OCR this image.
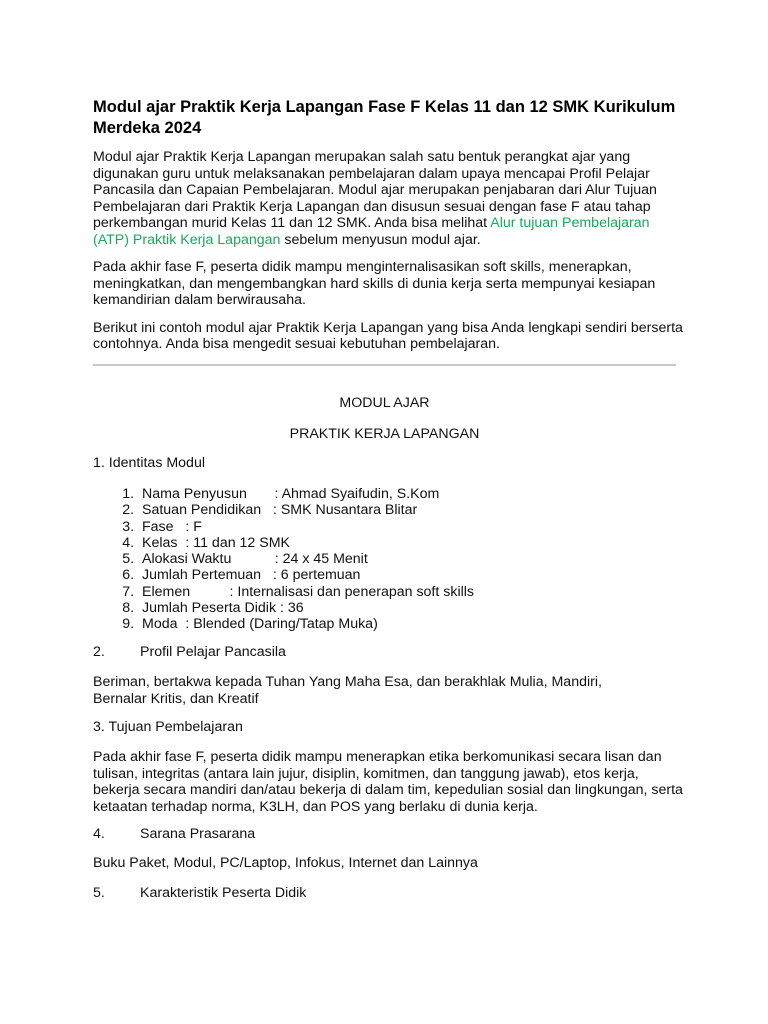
Modul ajar Praktik Kerja Lapangan Fase F Kelas 11 dan 12 SMK Kurikulum Merdeka 2024

Modul ajar Praktik Kerja Lapangan merupakan salah satu bentuk perangkat ajar yang digunakan guru untuk melaksanakan pembelajaran dalam upaya mencapai Profil Pelajar Pancasila dan Capaian Pembelajaran. Modul ajar merupakan penjabaran dari Alur Tujuan Pembelajaran dari Praktik Kerja Lapangan dan disusun sesuai dengan fase F atau tahap perkembangan murid Kelas 11 dan 12 SMK. Anda bisa melihat Alur tujuan Pembelajaran (ATP) Praktik Kerja Lapangan sebelum menyusun modul ajar.

Pada akhir fase F, peserta didik mampu menginternalisasikan soft skills, menerapkan, meningkatkan, dan mengembangkan hard skills di dunia kerja serta mempunyai kesiapan kemandirian dalam berwirausaha.

Berikut ini contoh modul ajar Praktik Kerja Lapangan yang bisa Anda lengkapi sendiri berserta contohnya. Anda bisa mengedit sesuai kebutuhan pembelajaran.

MODUL AJAR

PRAKTIK KERJA LAPANGAN

1. Identitas Modul
1. Nama Penyusun       : Ahmad Syaifudin, S.Kom
2. Satuan Pendidikan   : SMK Nusantara Blitar
3. Fase   : F
4. Kelas  : 11 dan 12 SMK
5. Alokasi Waktu           : 24 x 45 Menit
6. Jumlah Pertemuan   : 6 pertemuan
7. Elemen          : Internalisasi dan penerapan soft skills
8. Jumlah Peserta Didik : 36
9. Moda  : Blended (Daring/Tatap Muka)
2. Profil Pelajar Pancasila
Beriman, bertakwa kepada Tuhan Yang Maha Esa, dan berakhlak Mulia, Mandiri, Bernalar Kritis, dan Kreatif
3. Tujuan Pembelajaran
Pada akhir fase F, peserta didik mampu menerapkan etika berkomunikasi secara lisan dan tulisan, integritas (antara lain jujur, disiplin, komitmen, dan tanggung jawab), etos kerja, bekerja secara mandiri dan/atau bekerja di dalam tim, kepedulian sosial dan lingkungan, serta ketaatan terhadap norma, K3LH, dan POS yang berlaku di dunia kerja.
4. Sarana Prasarana
Buku Paket, Modul, PC/Laptop, Infokus, Internet dan Lainnya
5. Karakteristik Peserta Didik
